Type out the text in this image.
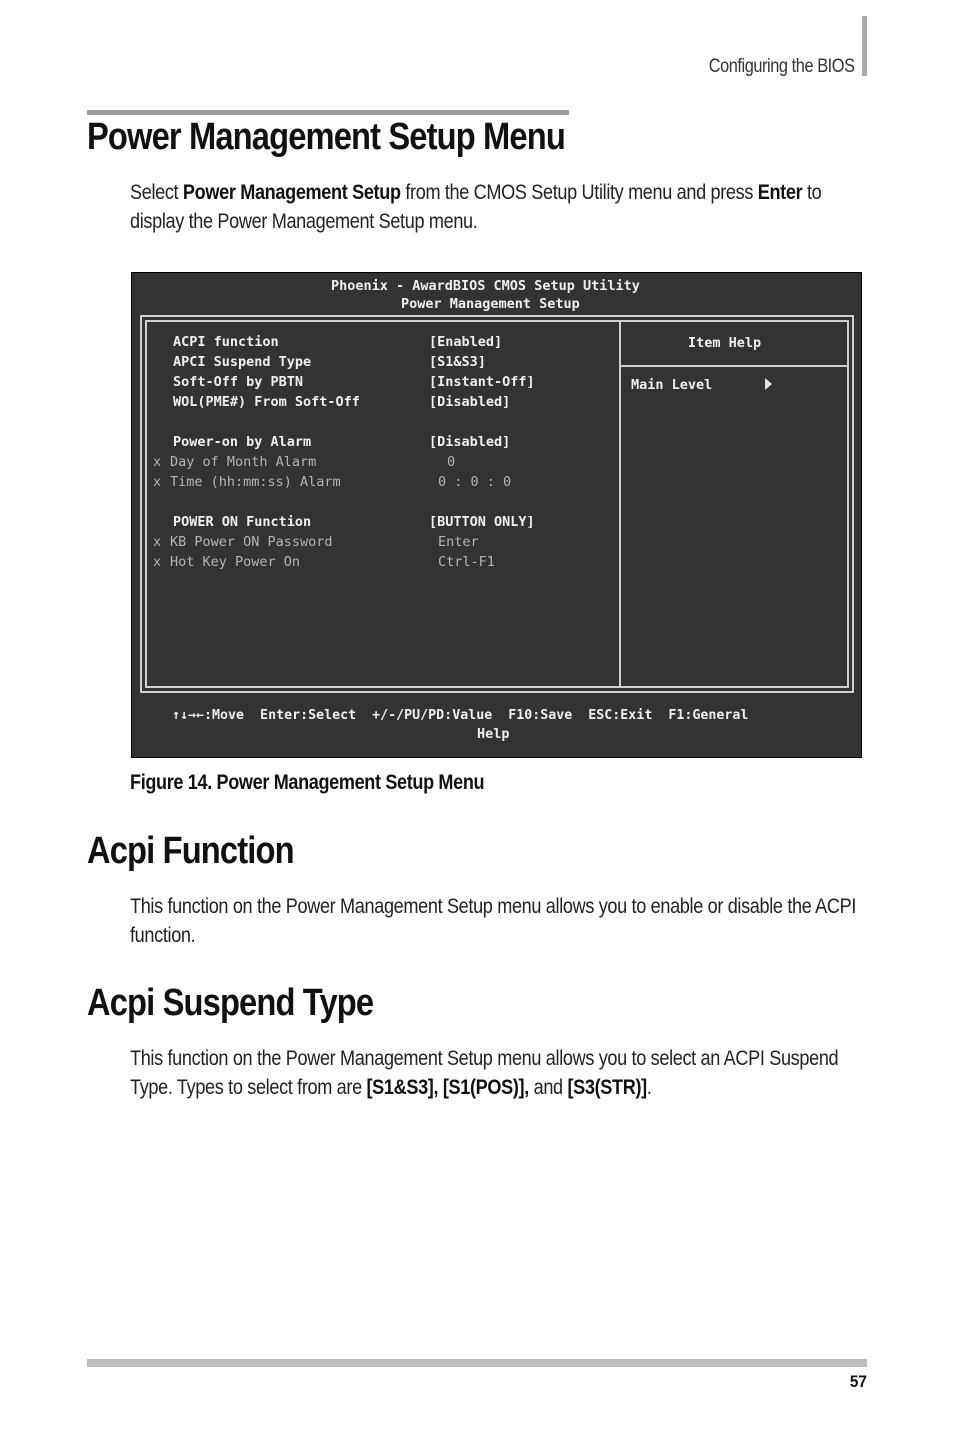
Configuring the BIOS
Power Management Setup Menu

Select Power Management Setup from the CMOS Setup Utility menu and press Enter to display the Power Management Setup menu.

Phoenix - AwardBIOS CMOS Setup Utility
Power Management Setup
ACPI function	[Enabled]
APCI Suspend Type	[S1&S3]
Soft-Off by PBTN	[Instant-Off]
WOL(PME#) From Soft-Off	[Disabled]
Power-on by Alarm	[Disabled]
x Day of Month Alarm	0
x Time (hh:mm:ss) Alarm	0 : 0 : 0
POWER ON Function	[BUTTON ONLY]
x KB Power ON Password	Enter
x Hot Key Power On	Ctrl-F1
Item Help
Main Level
↑↓→←:Move  Enter:Select  +/-/PU/PD:Value  F10:Save  ESC:Exit  F1:General
Help
Figure 14. Power Management Setup Menu
Acpi Function

This function on the Power Management Setup menu allows you to enable or disable the ACPI function.

Acpi Suspend Type

This function on the Power Management Setup menu allows you to select an ACPI Suspend Type. Types to select from are [S1&S3], [S1(POS)], and [S3(STR)].

57
